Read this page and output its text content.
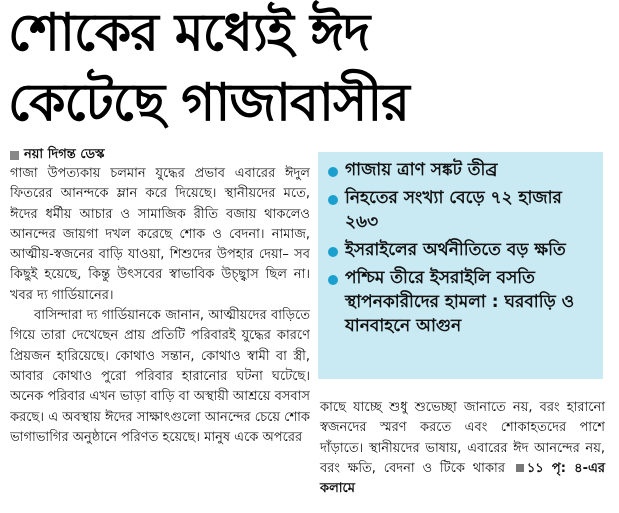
শোকের মধ্যেই ঈদ
কেটেছে গাজাবাসীর
নয়া দিগন্ত ডেস্ক

গাজা উপত্যকায় চলমান যুদ্ধের প্রভাব এবারের ঈদুল ফিতরের আনন্দকে ম্লান করে দিয়েছে। স্থানীয়দের মতে, ঈদের ধর্মীয় আচার ও সামাজিক রীতি বজায় থাকলেও আনন্দের জায়গা দখল করেছে শোক ও বেদনা। নামাজ, আত্মীয়-স্বজনের বাড়ি যাওয়া, শিশুদের উপহার দেয়া– সব কিছুই হয়েছে, কিন্তু উৎসবের স্বাভাবিক উচ্ছ্বাস ছিল না। খবর দ্য গার্ডিয়ানের।

বাসিন্দারা দ্য গার্ডিয়ানকে জানান, আত্মীয়দের বাড়িতে গিয়ে তারা দেখেছেন প্রায় প্রতিটি পরিবারই যুদ্ধের কারণে প্রিয়জন হারিয়েছে। কোথাও সন্তান, কোথাও স্বামী বা স্ত্রী, আবার কোথাও পুরো পরিবার হারানোর ঘটনা ঘটেছে। অনেক পরিবার এখন ভাড়া বাড়ি বা অস্থায়ী আশ্রয়ে বসবাস করছে। এ অবস্থায় ঈদের সাক্ষাৎগুলো আনন্দের চেয়ে শোক ভাগাভাগির অনুষ্ঠানে পরিণত হয়েছে। মানুষ একে অপরের

গাজায় ত্রাণ সঙ্কট তীব্র
নিহতের সংখ্যা বেড়ে ৭২ হাজার ২৬৩
ইসরাইলের অর্থনীতিতে বড় ক্ষতি
পশ্চিম তীরে ইসরাইলি বসতি স্থাপনকারীদের হামলা : ঘরবাড়ি ও যানবাহনে আগুন

কাছে যাচ্ছে শুধু শুভেচ্ছা জানাতে নয়, বরং হারানো স্বজনদের স্মরণ করতে এবং শোকাহতদের পাশে দাঁড়াতে। স্থানীয়দের ভাষায়, এবারের ঈদ আনন্দের নয়, বরং ক্ষতি, বেদনা ও টিকে থাকার ১১ পৃ: ৪-এর কলামে
